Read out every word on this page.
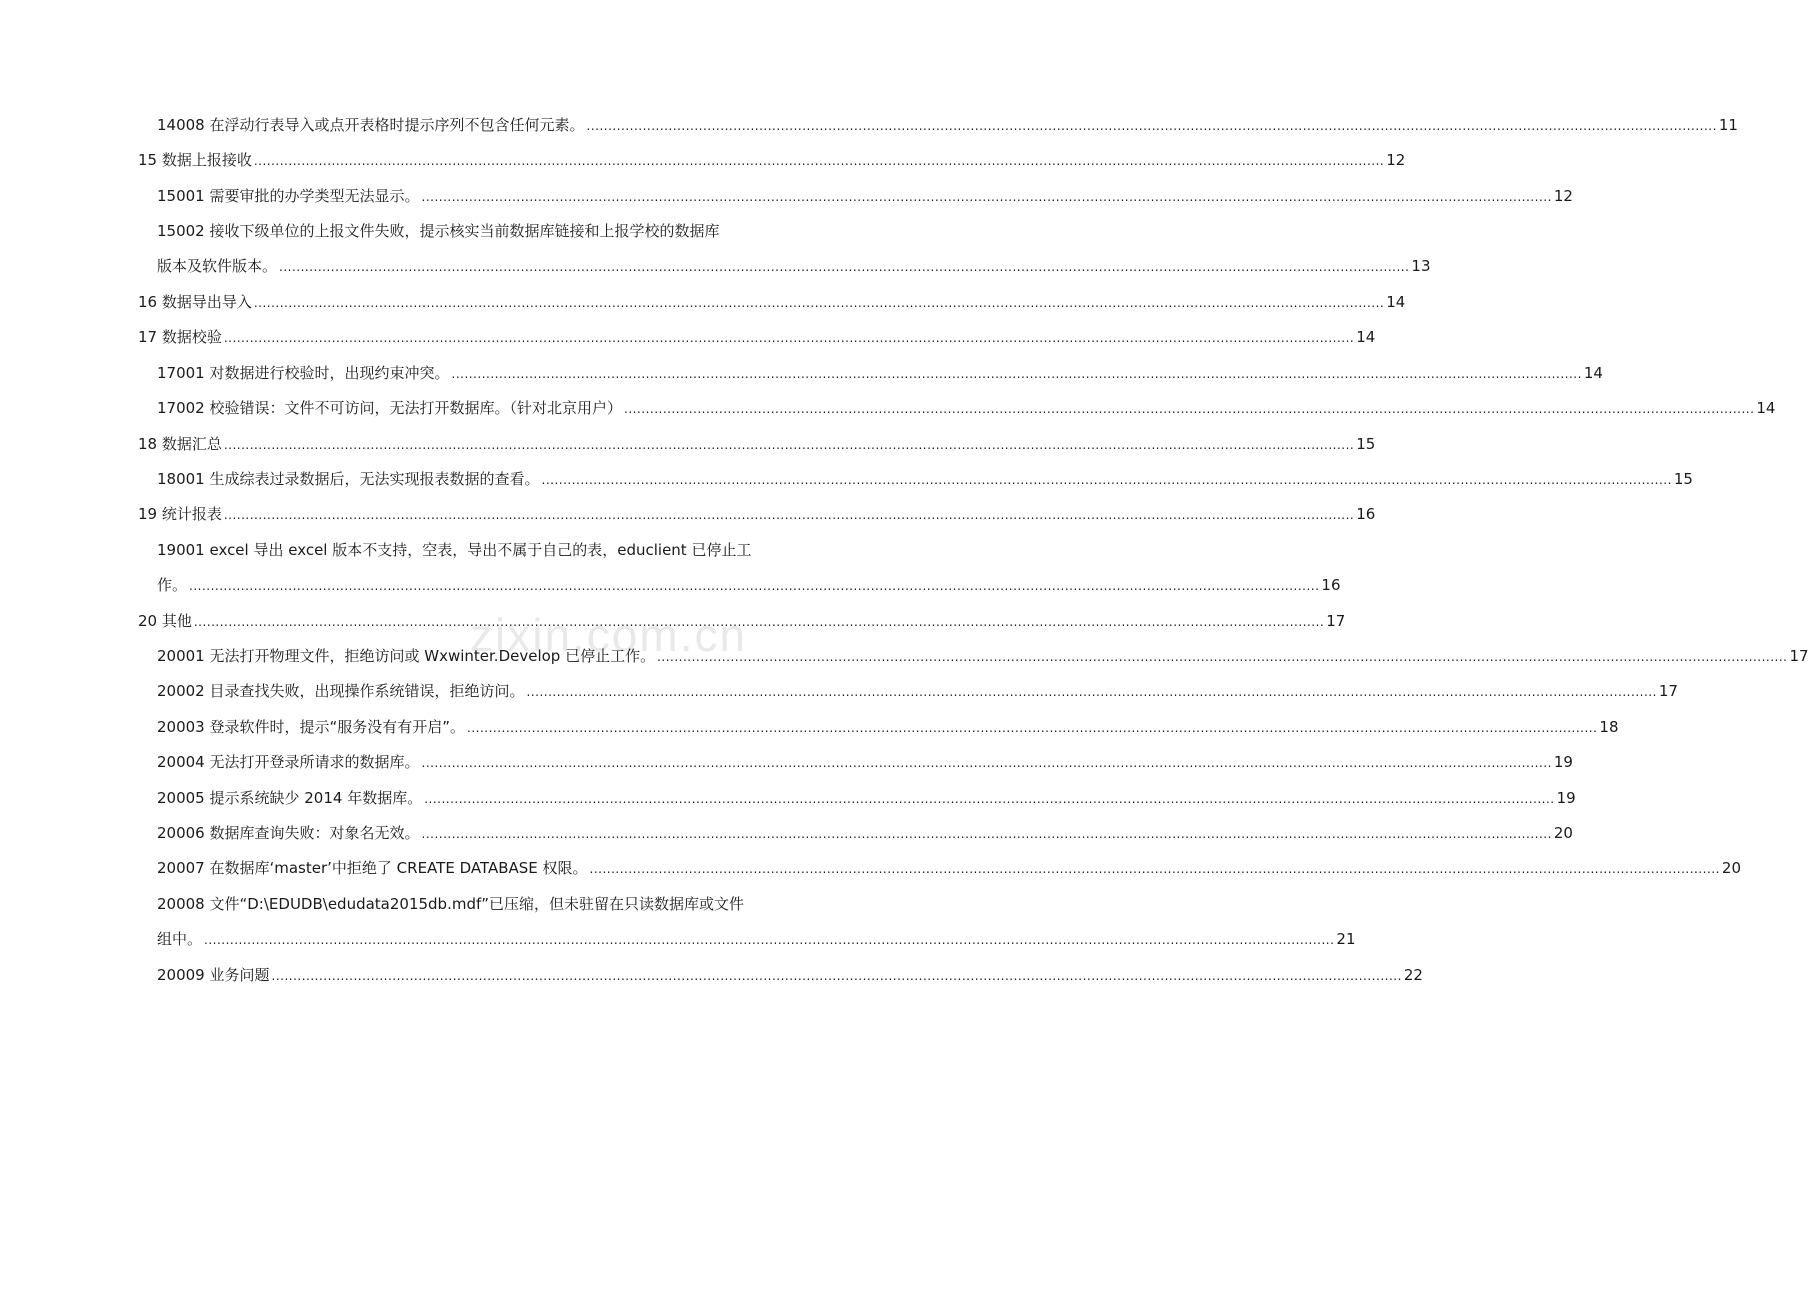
zixin.com.cn
14008 在浮动行表导入或点开表格时提示序列不包含任何元素。 .....	11
15 数据上报接收 .....	12
15001 需要审批的办学类型无法显示。 .....	12
15002 接收下级单位的上报文件失败，提示核实当前数据库链接和上报学校的数据库
版本及软件版本。 .....	13
16 数据导出导入 .....	14
17 数据校验 .....	14
17001 对数据进行校验时，出现约束冲突。 .....	14
17002 校验错误：文件不可访问，无法打开数据库。（针对北京用户） .....	14
18 数据汇总 .....	15
18001 生成综表过录数据后，无法实现报表数据的查看。 .....	15
19 统计报表 .....	16
19001 excel 导出 excel 版本不支持，空表，导出不属于自己的表，educlient 已停止工
作。 .....	16
20 其他 .....	17
20001 无法打开物理文件，拒绝访问或 Wxwinter.Develop 已停止工作。 .....	17
20002 目录查找失败，出现操作系统错误，拒绝访问。 .....	17
20003 登录软件时，提示“服务没有有开启”。 .....	18
20004 无法打开登录所请求的数据库。 .....	19
20005 提示系统缺少 2014 年数据库。 .....	19
20006 数据库查询失败：对象名无效。 .....	20
20007 在数据库‘master’中拒绝了 CREATE DATABASE 权限。 .....	20
20008 文件“D:\EDUDB\edudata2015db.mdf”已压缩，但未驻留在只读数据库或文件
组中。 .....	21
20009 业务问题 .....	22
